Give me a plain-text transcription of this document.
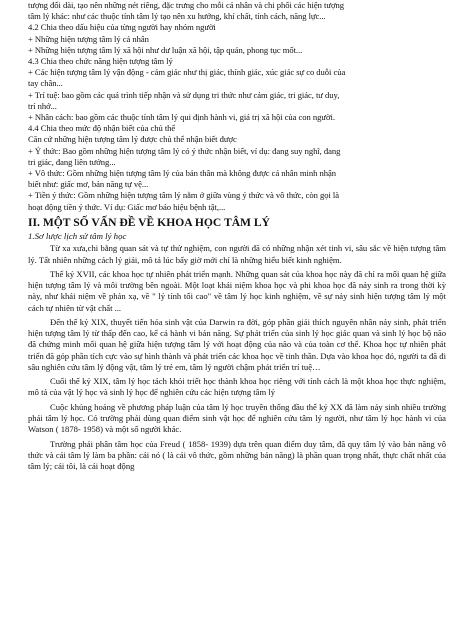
tượng đối dài, tạo nên những nét riêng, đặc trưng cho mỗi cá nhân và chi phối các hiện tượng

tâm lý khác: như các thuộc tính tâm lý tạo nên xu hướng, khí chất, tính cách, năng lực...

4.2 Chia theo dấu hiệu của từng người hay nhóm người

+ Những hiện tượng tâm lý cá nhân

+ Những hiện tượng tâm lý xã hội như dư luận xã hội, tập quán, phong tục mốt...

4.3 Chia theo chức năng hiện tượng tâm lý

+ Các hiện tượng tâm lý vận động - cảm giác như thị giác, thính giác, xúc giác sự co duỗi của

tay chân...

+ Trí tuệ: bao gồm các quá trình tiếp nhận và sử dụng tri thức như cảm giác, tri giác, tư duy,

trí nhớ...

+ Nhân cách: bao gồm các thuộc tính tâm lý qui định hành vi, giá trị xã hội của con người.

4.4 Chia theo mức độ nhận biết của chủ thể

Căn cứ những hiện tượng tâm lý được chủ thể nhận biết được

+ Ý thức: Bao gồm những hiện tượng tâm lý có ý thức nhận biết, ví dụ: đang suy nghĩ, đang

tri giác, đang liên tưởng...

+ Vô thức: Gồm những hiện tượng tâm lý của bản thân mà không được cá nhân minh nhận

biết như: giấc mơ, bản năng tự vệ...

+ Tiền ý thức: Gồm những hiện tượng tâm lý nằm ở giữa vùng ý thức và vô thức, còn gọi là

hoạt động tiền ý thức. Ví dụ: Giấc mơ báo hiệu bệnh tật,...

II. MỘT SỐ VẤN ĐỀ VỀ KHOA HỌC TÂM LÝ
1.Sơ lược lịch sử tâm lý học

Từ xa xưa,chi bằng quan sát và tự thử nghiệm, con người đã có những nhận xét tinh vi, sâu sắc về hiện tượng tâm lý. Tất nhiên những cách lý giải, mô tả lúc bấy giờ mới chỉ là những hiểu biết kinh nghiệm.

Thế kỷ XVII, các khoa học tự nhiên phát triển mạnh. Những quan sát của khoa học này đã chỉ ra mối quan hệ giữa hiện tượng tâm lý và môi trường bên ngoài. Một loạt khái niệm khoa học và phi khoa học đã nảy sinh ra trong thời kỳ này, như khái niệm về phản xạ, về " lý tính tối cao" về tâm lý học kinh nghiệm, về sự nảy sinh hiện tượng tâm lý một cách tự nhiên từ vật chất ...

Đến thế kỷ XIX, thuyết tiến hóa sinh vật của Darwin ra đời, góp phần giải thích nguyên nhân nảy sinh, phát triển hiện tượng tâm lý từ thấp đến cao, kể cả hành vi bản năng. Sự phát triển của sinh lý học giác quan và sinh lý học bộ não đã chứng minh mối quan hệ giữa hiện tượng tâm lý với hoạt động của não và của toàn cơ thể. Khoa học tự nhiên phát triển đã góp phần tích cực vào sự hình thành và phát triển các khoa học về tinh thần. Dựa vào khoa học đó, người ta đã đi sâu nghiên cứu tâm lý động vật, tâm lý trẻ em, tâm lý người chậm phát triển trí tuệ…

Cuối thế kỷ XIX, tâm lý học tách khỏi triết học thành khoa học riêng với tính cách là một khoa học thực nghiệm, mô tả của vật lý học và sinh lý học để nghiên cứu các hiện tượng tâm lý

Cuộc khủng hoảng về phương pháp luận của tâm lý học truyền thống đầu thế kỷ XX đã làm nảy sinh nhiều trường phái tâm lý học. Có trường phái dùng quan điểm sinh vật học để nghiên cứu tâm lý người, như tâm lý học hành vi của Watson ( 1878- 1958) và một số người khác.

Trường phái phân tâm học của Freud ( 1858- 1939) dựa trên quan điểm duy tâm, đã quy tâm lý vào bản năng vô thức và cái tâm lý làm ba phần: cái nó ( là cái vô thức, gồm những bản năng) là phần quan trọng nhất, thực chất nhất của tâm lý; cái tôi, là cái hoạt động
